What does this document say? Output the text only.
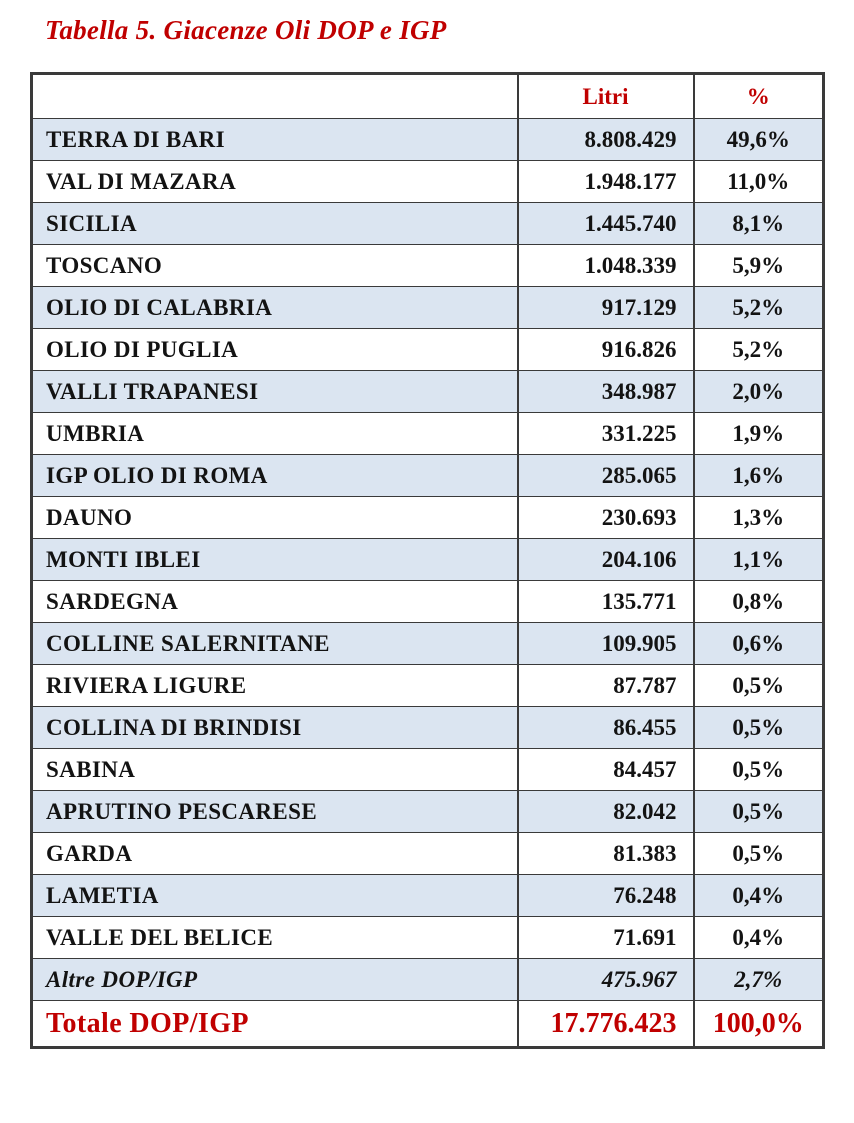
Tabella 5. Giacenze Oli DOP e IGP
	Litri	%
TERRA DI BARI	8.808.429	49,6%
VAL DI MAZARA	1.948.177	11,0%
SICILIA	1.445.740	8,1%
TOSCANO	1.048.339	5,9%
OLIO DI CALABRIA	917.129	5,2%
OLIO DI PUGLIA	916.826	5,2%
VALLI TRAPANESI	348.987	2,0%
UMBRIA	331.225	1,9%
IGP OLIO DI ROMA	285.065	1,6%
DAUNO	230.693	1,3%
MONTI IBLEI	204.106	1,1%
SARDEGNA	135.771	0,8%
COLLINE SALERNITANE	109.905	0,6%
RIVIERA LIGURE	87.787	0,5%
COLLINA DI BRINDISI	86.455	0,5%
SABINA	84.457	0,5%
APRUTINO PESCARESE	82.042	0,5%
GARDA	81.383	0,5%
LAMETIA	76.248	0,4%
VALLE DEL BELICE	71.691	0,4%
Altre DOP/IGP	475.967	2,7%
Totale DOP/IGP	17.776.423	100,0%
